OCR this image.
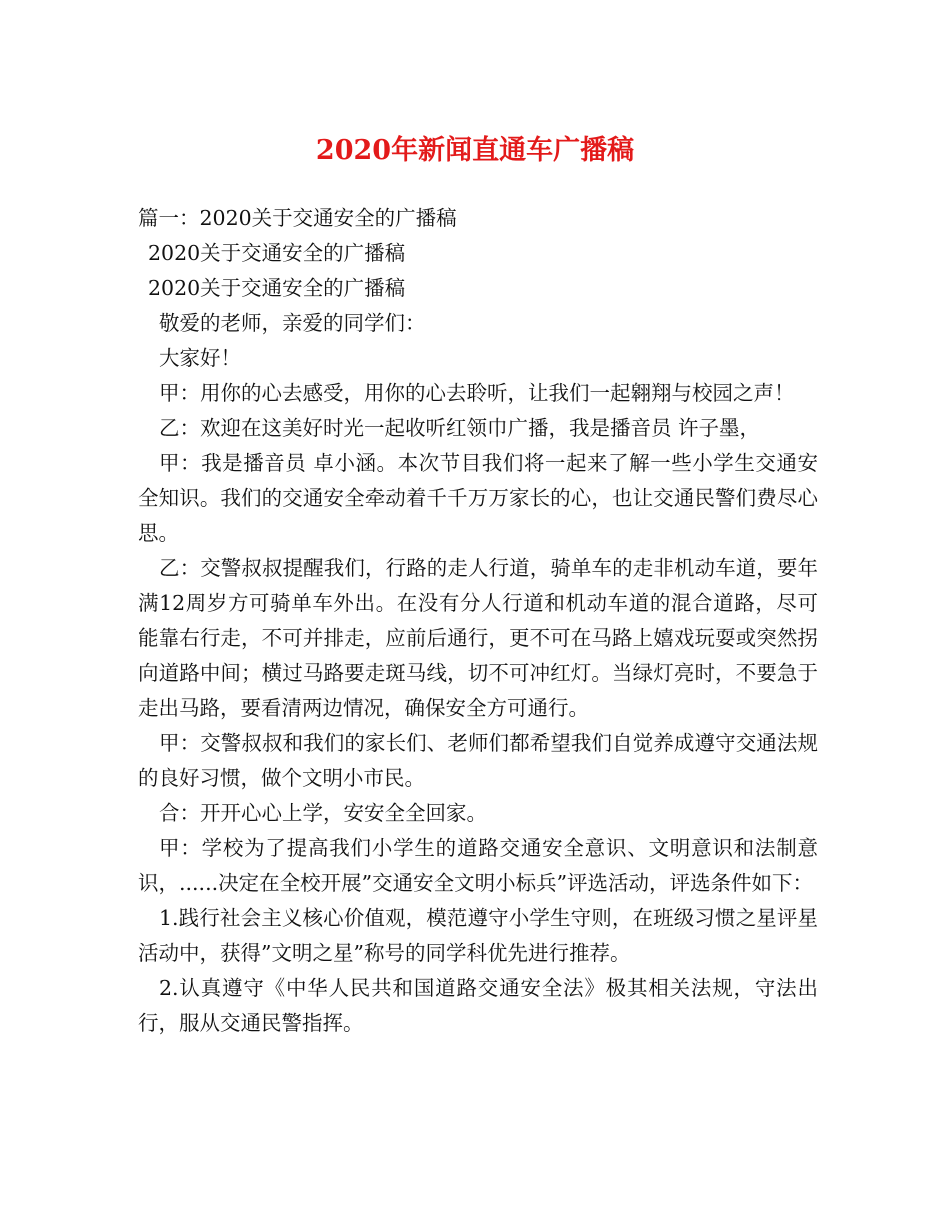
2020年新闻直通车广播稿
篇一：2020关于交通安全的广播稿
2020关于交通安全的广播稿
2020关于交通安全的广播稿
敬爱的老师，亲爱的同学们：
大家好！
甲：用你的心去感受，用你的心去聆听，让我们一起翱翔与校园之声！
乙：欢迎在这美好时光一起收听红领巾广播，我是播音员 许子墨，

甲：我是播音员 卓小涵。本次节目我们将一起来了解一些小学生交通安全知识。我们的交通安全牵动着千千万万家长的心，也让交通民警们费尽心思。

乙：交警叔叔提醒我们，行路的走人行道，骑单车的走非机动车道，要年满12周岁方可骑单车外出。在没有分人行道和机动车道的混合道路，尽可能靠右行走，不可并排走，应前后通行，更不可在马路上嬉戏玩耍或突然拐向道路中间；横过马路要走斑马线，切不可冲红灯。当绿灯亮时，不要急于走出马路，要看清两边情况，确保安全方可通行。

甲：交警叔叔和我们的家长们、老师们都希望我们自觉养成遵守交通法规的良好习惯，做个文明小市民。

合：开开心心上学，安安全全回家。

甲：学校为了提高我们小学生的道路交通安全意识、文明意识和法制意识，......决定在全校开展”交通安全文明小标兵”评选活动，评选条件如下：

1.践行社会主义核心价值观，模范遵守小学生守则，在班级习惯之星评星活动中，获得”文明之星”称号的同学科优先进行推荐。

2.认真遵守《中华人民共和国道路交通安全法》极其相关法规，守法出行，服从交通民警指挥。
